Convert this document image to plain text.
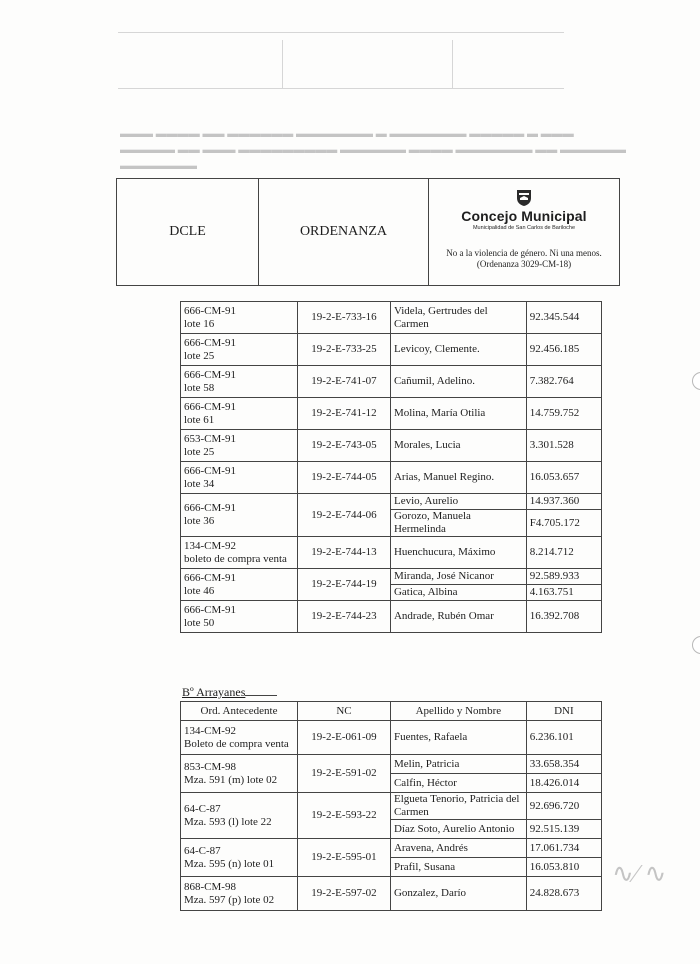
▬▬▬ ▬▬▬▬ ▬▬ ▬▬▬▬▬▬ ▬▬▬▬▬▬▬ ▬ ▬▬▬▬▬▬▬ ▬▬▬▬▬ ▬ ▬▬▬
▬▬▬▬▬ ▬▬ ▬▬▬ ▬▬▬▬▬▬▬▬▬ ▬▬▬▬▬▬ ▬▬▬▬ ▬▬▬▬▬▬▬ ▬▬ ▬▬▬▬▬▬
▬▬▬▬▬▬▬
∿∕ ∿
DCLE	ORDENANZA
Concejo Municipal
Municipalidad de San Carlos de Bariloche
No a la violencia de género. Ni una menos.
(Ordenanza 3029-CM-18)
666-CM-91
lote 16	19-2-E-733-16	Videla, Gertrudes del Carmen	92.345.544

666-CM-91
lote 25	19-2-E-733-25	Levicoy, Clemente.	92.456.185

666-CM-91
lote 58	19-2-E-741-07	Cañumil, Adelino.	7.382.764

666-CM-91
lote 61	19-2-E-741-12	Molina, María Otilia	14.759.752

653-CM-91
lote 25	19-2-E-743-05	Morales, Lucia	3.301.528

666-CM-91
lote 34	19-2-E-744-05	Arias, Manuel Regino.	16.053.657

666-CM-91
lote 36	19-2-E-744-06	Levio, Aurelio	14.937.360
		Gorozo, Manuela Hermelinda	F4.705.172

134-CM-92
boleto de compra venta	19-2-E-744-13	Huenchucura, Máximo	8.214.712

666-CM-91
lote 46	19-2-E-744-19	Miranda, José Nicanor	92.589.933
		Gatica, Albina	4.163.751

666-CM-91
lote 50	19-2-E-744-23	Andrade, Rubén Omar	16.392.708
Bº Arrayanes
Ord. Antecedente	NC	Apellido y Nombre	DNI

134-CM-92
Boleto de compra venta	19-2-E-061-09	Fuentes, Rafaela	6.236.101

853-CM-98
Mza. 591 (m) lote 02	19-2-E-591-02	Melin, Patricia	33.658.354
		Calfin, Héctor	18.426.014

64-C-87
Mza. 593 (l) lote 22	19-2-E-593-22	Elgueta Tenorio, Patricia del Carmen	92.696.720
		Díaz Soto, Aurelio Antonio	92.515.139

64-C-87
Mza. 595 (n) lote 01	19-2-E-595-01	Aravena, Andrés	17.061.734
		Prafil, Susana	16.053.810

868-CM-98
Mza. 597 (p) lote 02	19-2-E-597-02	Gonzalez, Darío	24.828.673
